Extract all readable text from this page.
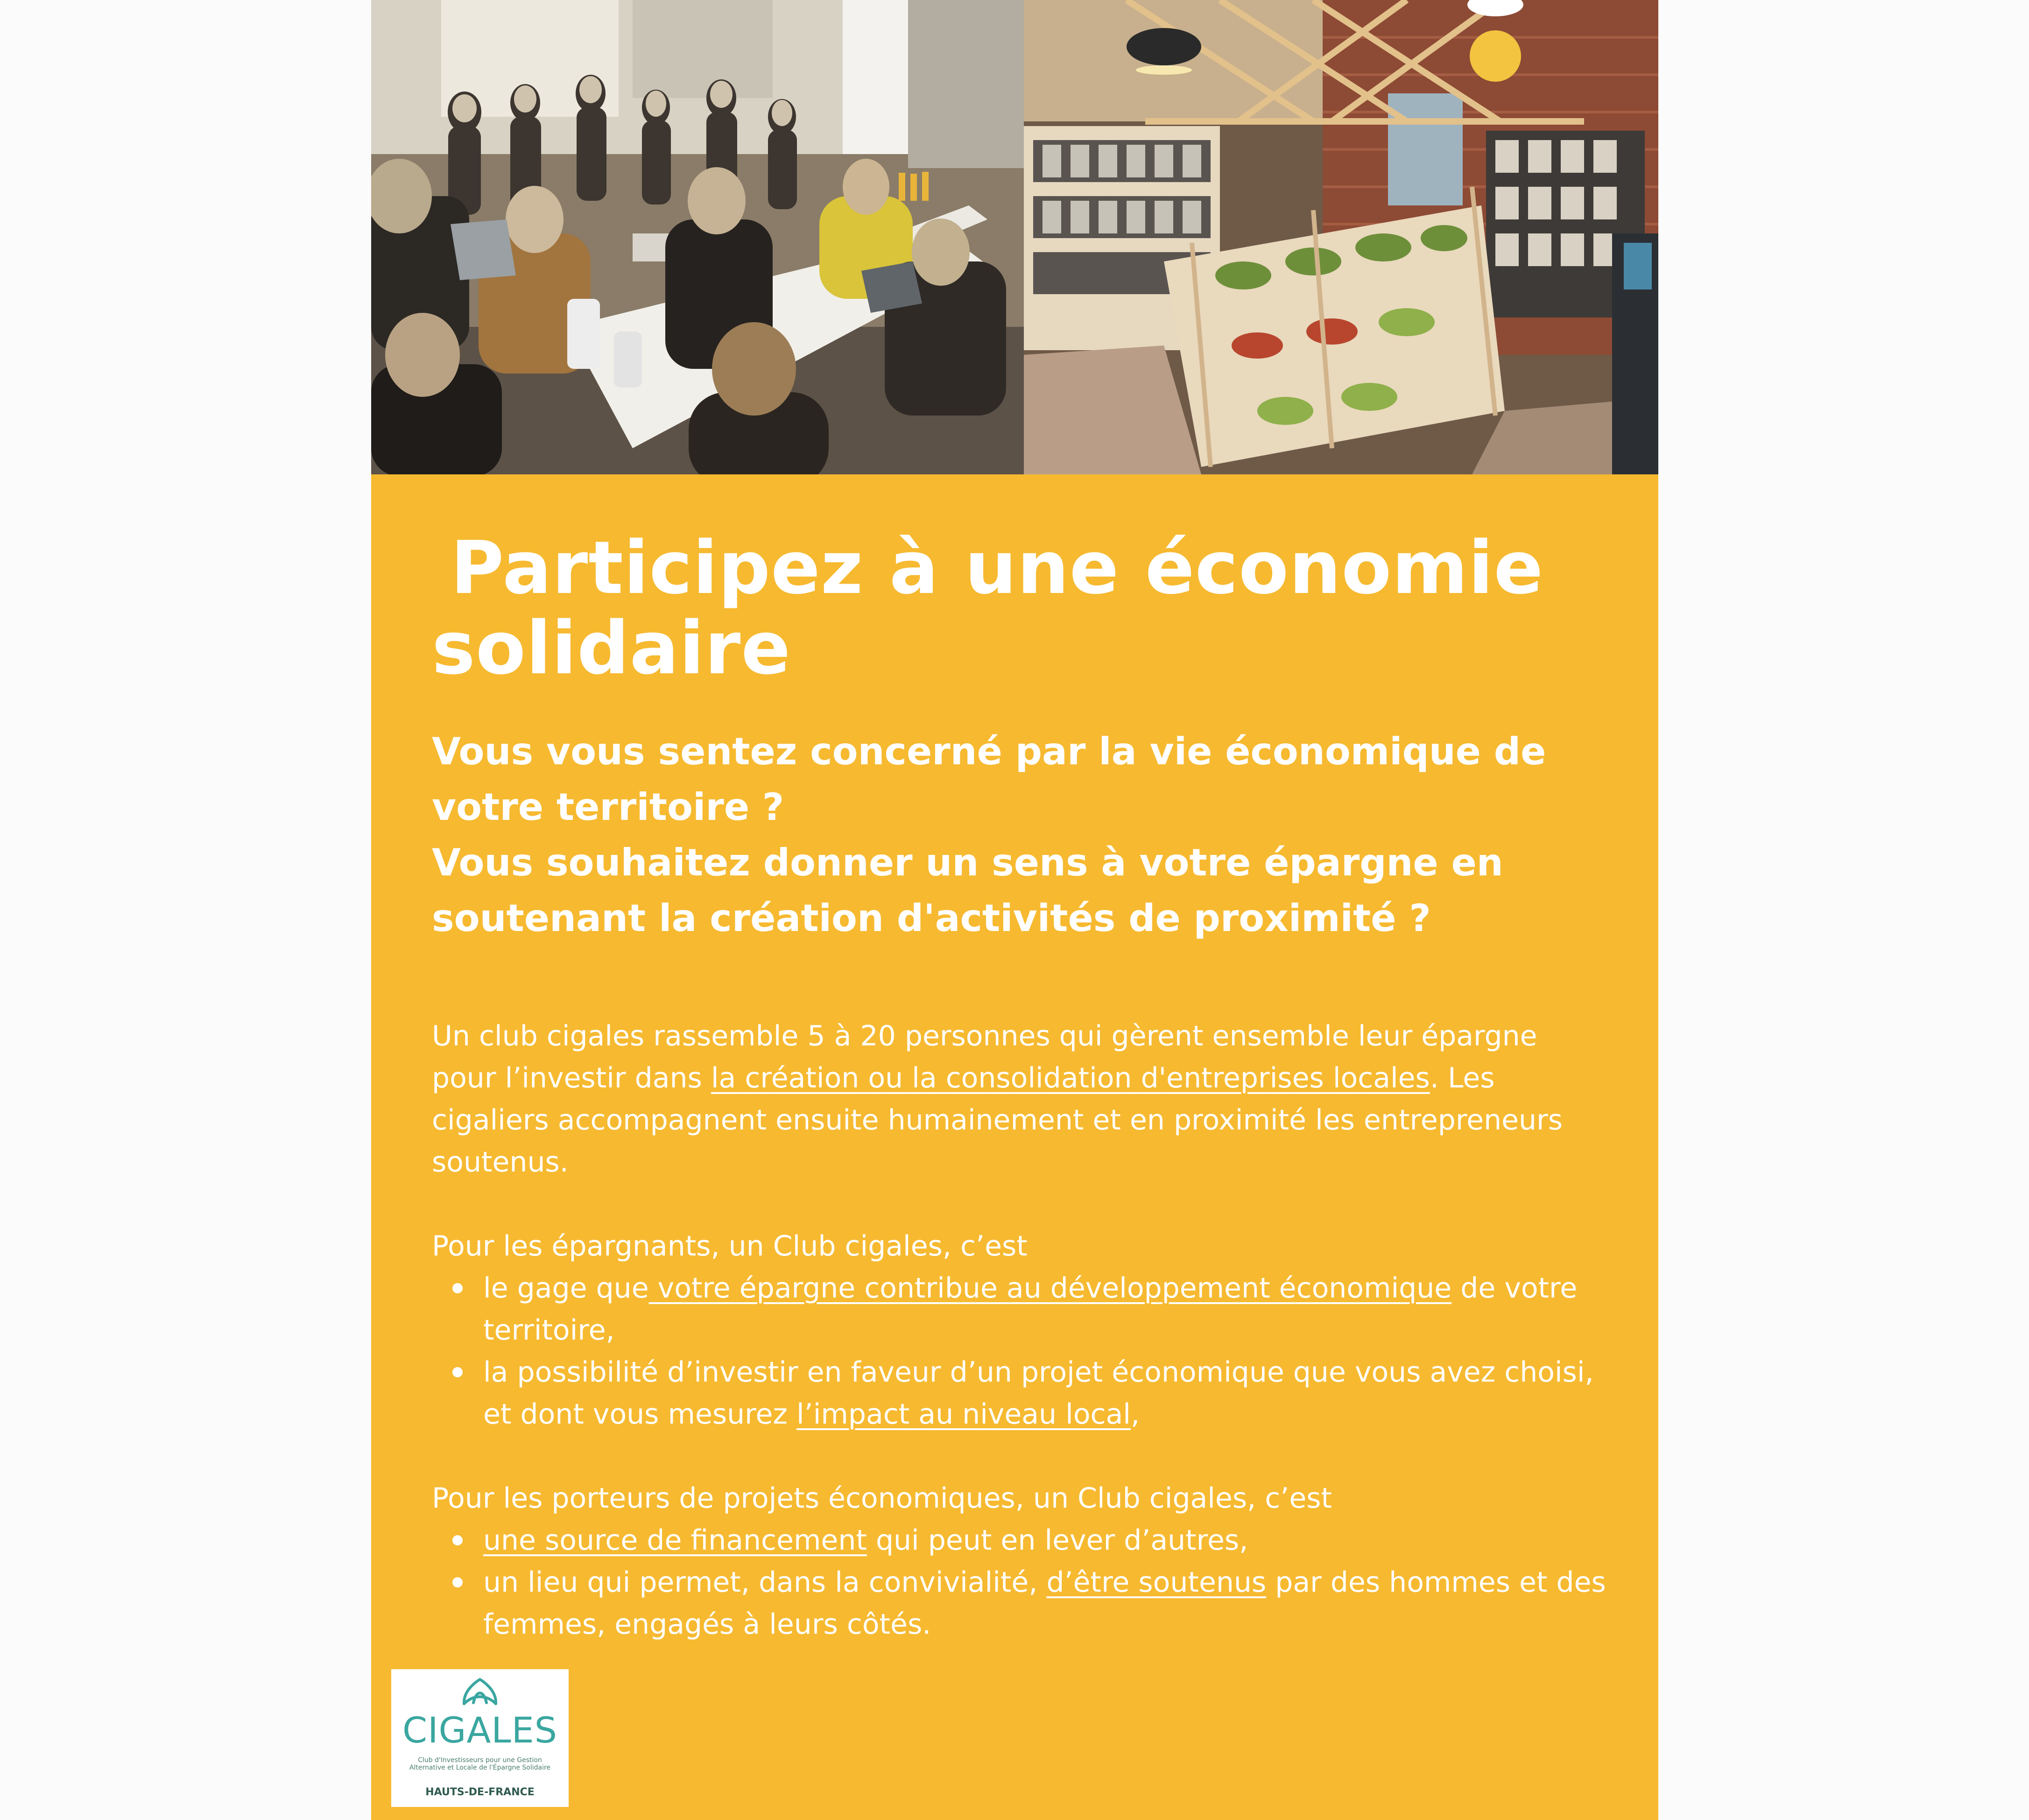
Participez à une économie
solidaire
Vous vous sentez concerné par la vie économique de votre territoire ?
Vous souhaitez donner un sens à votre épargne en soutenant la création d'activités de proximité ?

Un club cigales rassemble 5 à 20 personnes qui gèrent ensemble leur épargne pour l’investir dans la création ou la consolidation d'entreprises locales. Les cigaliers accompagnent ensuite humainement et en proximité les entrepreneurs soutenus.

Pour les épargnants, un Club cigales, c’est

le gage que votre épargne contribue au développement économique de votre territoire,
la possibilité d’investir en faveur d’un projet économique que vous avez choisi, et dont vous mesurez l’impact au niveau local,

Pour les porteurs de projets économiques, un Club cigales, c’est

une source de financement qui peut en lever d’autres,
un lieu qui permet, dans la convivialité, d’être soutenus par des hommes et des femmes, engagés à leurs côtés.
CIGALES
Club d'Investisseurs pour une Gestion Alternative et Locale de l'Épargne Solidaire
HAUTS-DE-FRANCE
